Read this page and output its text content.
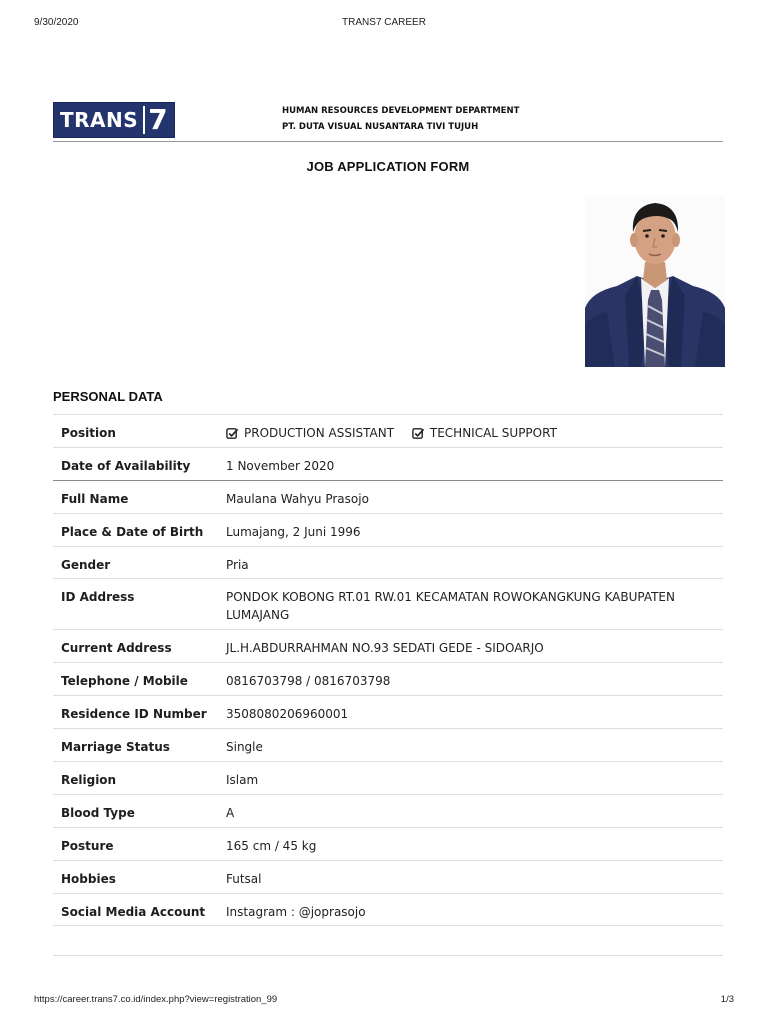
9/30/2020	TRANS7 CAREER
TRANS 7	HUMAN RESOURCES DEVELOPMENT DEPARTMENT
PT. DUTA VISUAL NUSANTARA TIVI TUJUH
JOB APPLICATION FORM
PERSONAL DATA
Position	PRODUCTION ASSISTANT
TECHNICAL SUPPORT

Date of Availability	1 November 2020
Full Name	Maulana Wahyu Prasojo
Place & Date of Birth	Lumajang, 2 Juni 1996
Gender	Pria
ID Address	PONDOK KOBONG RT.01 RW.01 KECAMATAN ROWOKANGKUNG KABUPATEN LUMAJANG
Current Address	JL.H.ABDURRAHMAN NO.93 SEDATI GEDE - SIDOARJO
Telephone / Mobile	0816703798 / 0816703798
Residence ID Number	3508080206960001
Marriage Status	Single
Religion	Islam
Blood Type	A
Posture	165 cm / 45 kg
Hobbies	Futsal
Social Media Account	Instagram : @joprasojo
https://career.trans7.co.id/index.php?view=registration_99	1/3
